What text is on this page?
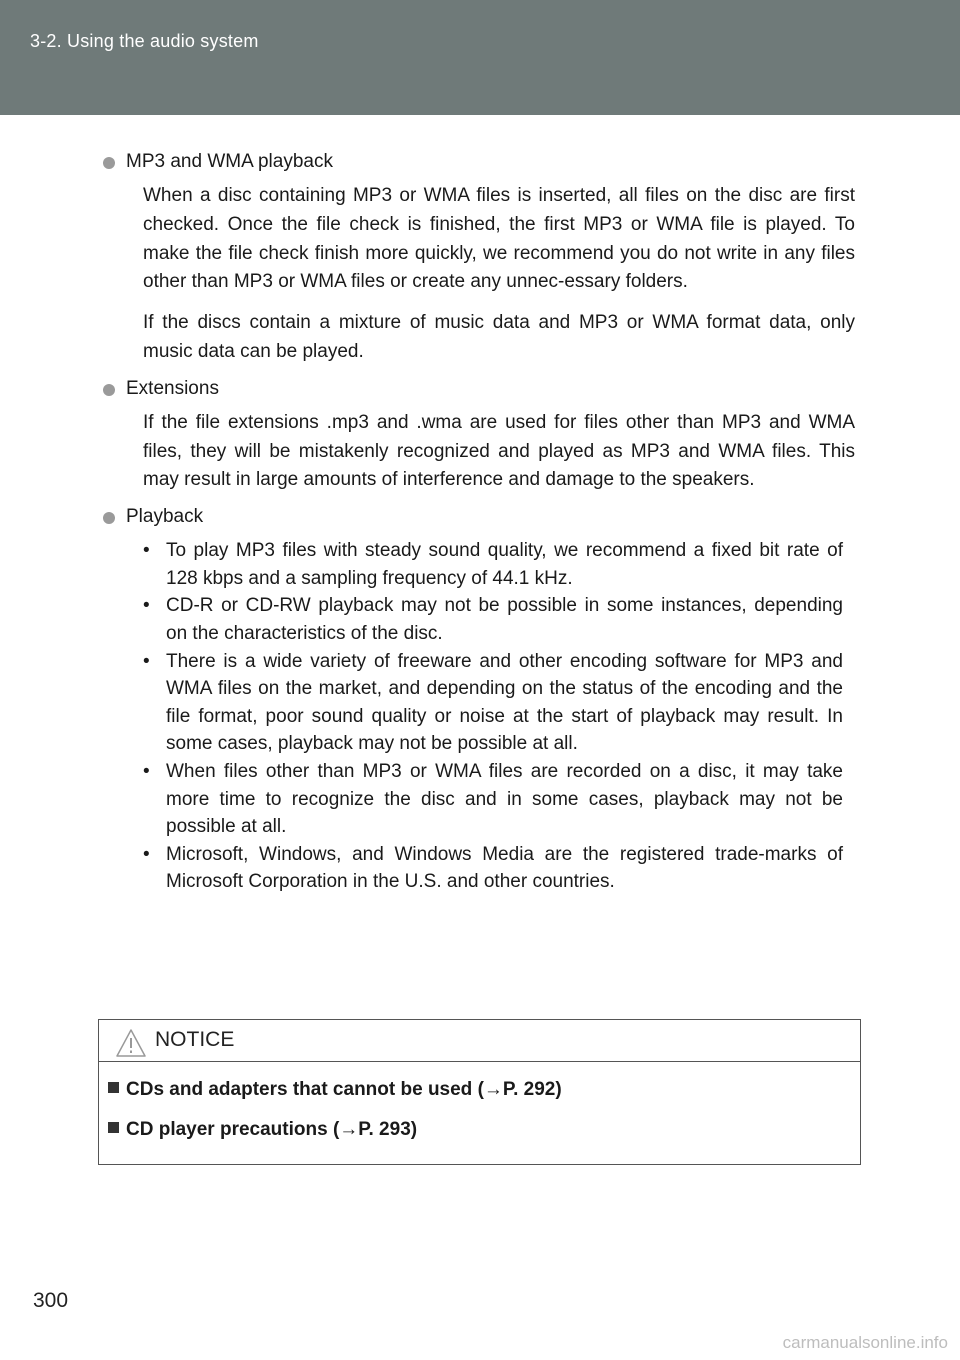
3-2. Using the audio system

MP3 and WMA playback

When a disc containing MP3 or WMA files is inserted, all files on the disc are first checked. Once the file check is finished, the first MP3 or WMA file is played. To make the file check finish more quickly, we recommend you do not write in any files other than MP3 or WMA files or create any unnec-essary folders.

If the discs contain a mixture of music data and MP3 or WMA format data, only music data can be played.

Extensions

If the file extensions .mp3 and .wma are used for files other than MP3 and WMA files, they will be mistakenly recognized and played as MP3 and WMA files. This may result in large amounts of interference and damage to the speakers.

Playback

• To play MP3 files with steady sound quality, we recommend a fixed bit rate of 128 kbps and a sampling frequency of 44.1 kHz.
• CD-R or CD-RW playback may not be possible in some instances, depending on the characteristics of the disc.
• There is a wide variety of freeware and other encoding software for MP3 and WMA files on the market, and depending on the status of the encoding and the file format, poor sound quality or noise at the start of playback may result. In some cases, playback may not be possible at all.
• When files other than MP3 or WMA files are recorded on a disc, it may take more time to recognize the disc and in some cases, playback may not be possible at all.
• Microsoft, Windows, and Windows Media are the registered trade-marks of Microsoft Corporation in the U.S. and other countries.
NOTICE
CDs and adapters that cannot be used (→P. 292)
CD player precautions (→P. 293)
300
carmanualsonline.info
